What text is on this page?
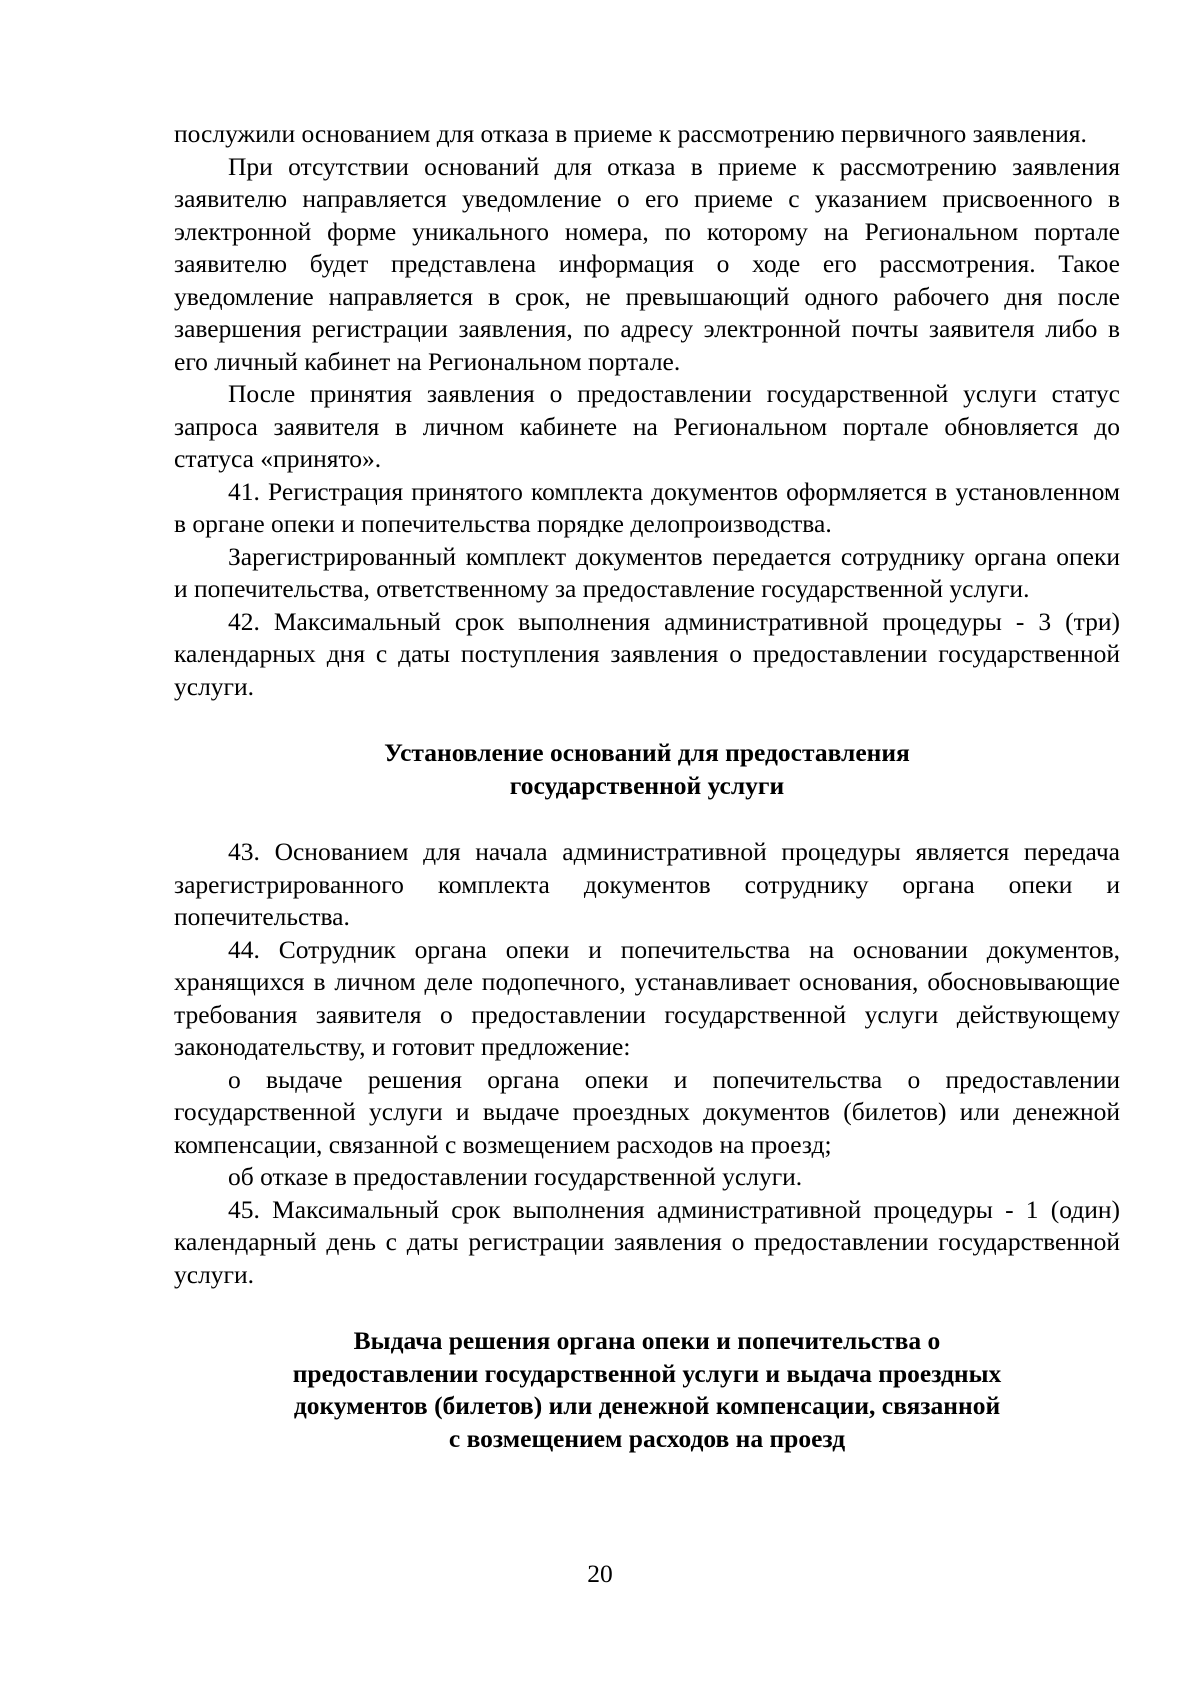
послужили основанием для отказа в приеме к рассмотрению первичного заявления.

При отсутствии оснований для отказа в приеме к рассмотрению заявления заявителю направляется уведомление о его приеме с указанием присвоенного в электронной форме уникального номера, по которому на Региональном портале заявителю будет представлена информация о ходе его рассмотрения. Такое уведомление направляется в срок, не превышающий одного рабочего дня после завершения регистрации заявления, по адресу электронной почты заявителя либо в его личный кабинет на Региональном портале.

После принятия заявления о предоставлении государственной услуги статус запроса заявителя в личном кабинете на Региональном портале обновляется до статуса «принято».

41. Регистрация принятого комплекта документов оформляется в установленном в органе опеки и попечительства порядке делопроизводства.

Зарегистрированный комплект документов передается сотруднику органа опеки и попечительства, ответственному за предоставление государственной услуги.

42. Максимальный срок выполнения административной процедуры - 3 (три) календарных дня с даты поступления заявления о предоставлении государственной услуги.

Установление оснований для предоставления
государственной услуги

43. Основанием для начала административной процедуры является передача зарегистрированного комплекта документов сотруднику органа опеки и попечительства.

44. Сотрудник органа опеки и попечительства на основании документов, хранящихся в личном деле подопечного, устанавливает основания, обосновывающие требования заявителя о предоставлении государственной услуги действующему законодательству, и готовит предложение:

о выдаче решения органа опеки и попечительства о предоставлении государственной услуги и выдаче проездных документов (билетов) или денежной компенсации, связанной с возмещением расходов на проезд;

об отказе в предоставлении государственной услуги.

45. Максимальный срок выполнения административной процедуры - 1 (один) календарный день с даты регистрации заявления о предоставлении государственной услуги.

Выдача решения органа опеки и попечительства о
предоставлении государственной услуги и выдача проездных
документов (билетов) или денежной компенсации, связанной
с возмещением расходов на проезд
20
